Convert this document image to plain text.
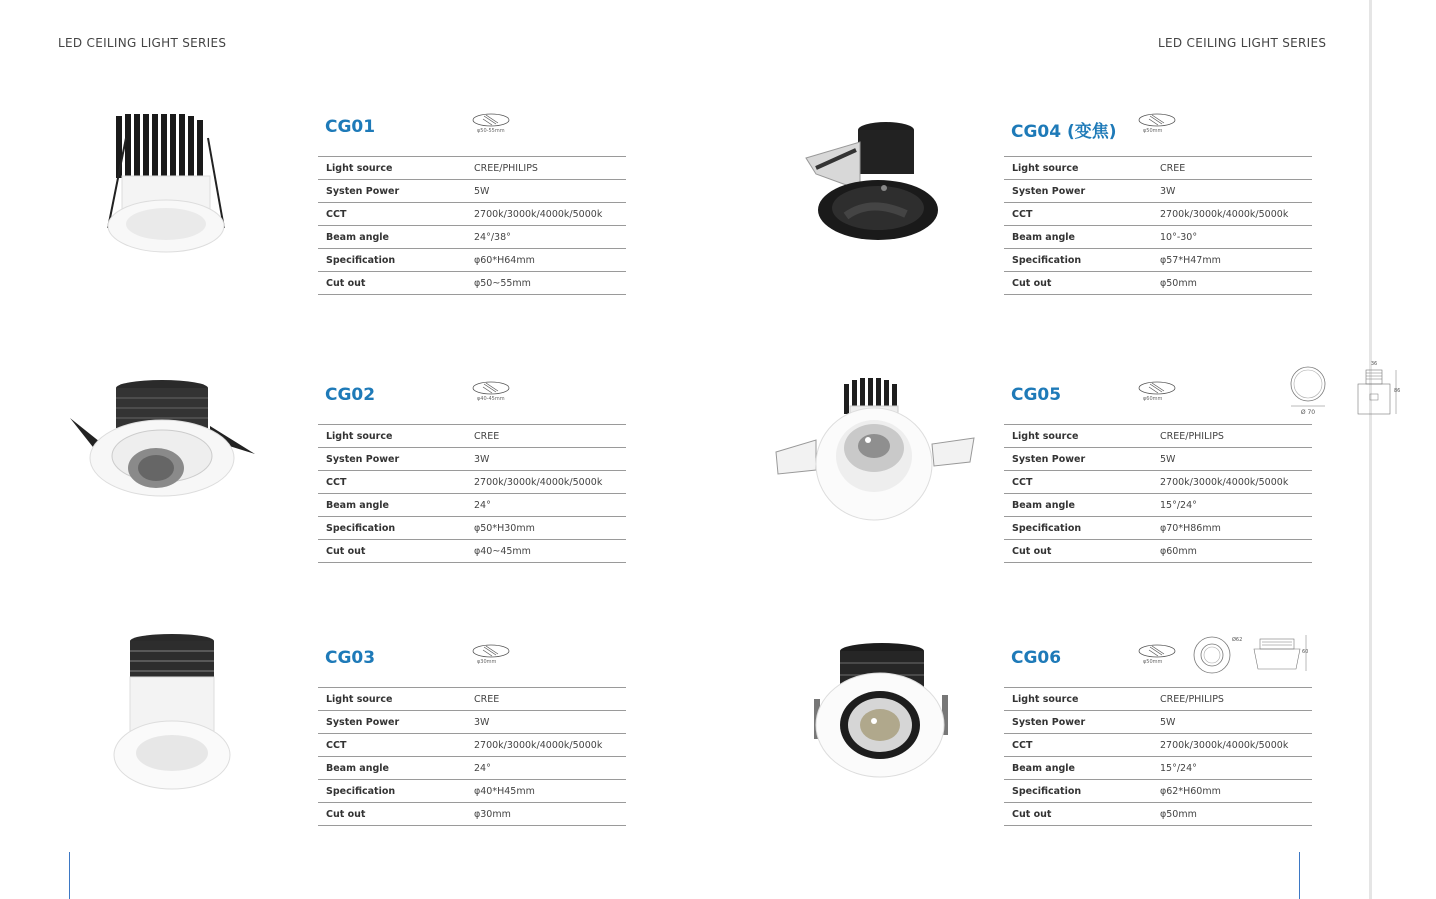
LED CEILING LIGHT SERIES	LED CEILING LIGHT SERIES
CG01	φ50-55mm
Light source	CREE/PHILIPS
Systen Power	5W
CCT	2700k/3000k/4000k/5000k
Beam angle	24°/38°
Specification	φ60*H64mm
Cut out	φ50~55mm
CG02	φ40-45mm
Light source	CREE
Systen Power	3W
CCT	2700k/3000k/4000k/5000k
Beam angle	24°
Specification	φ50*H30mm
Cut out	φ40~45mm
CG03	φ30mm
Light source	CREE
Systen Power	3W
CCT	2700k/3000k/4000k/5000k
Beam angle	24°
Specification	φ40*H45mm
Cut out	φ30mm
CG04 (变焦)	φ50mm
Light source	CREE
Systen Power	3W
CCT	2700k/3000k/4000k/5000k
Beam angle	10°-30°
Specification	φ57*H47mm
Cut out	φ50mm
CG05	φ60mm
Ø 70
36
86
Light source	CREE/PHILIPS
Systen Power	5W
CCT	2700k/3000k/4000k/5000k
Beam angle	15°/24°
Specification	φ70*H86mm
Cut out	φ60mm
CG06	φ50mm
Ø62
60
Light source	CREE/PHILIPS
Systen Power	5W
CCT	2700k/3000k/4000k/5000k
Beam angle	15°/24°
Specification	φ62*H60mm
Cut out	φ50mm
